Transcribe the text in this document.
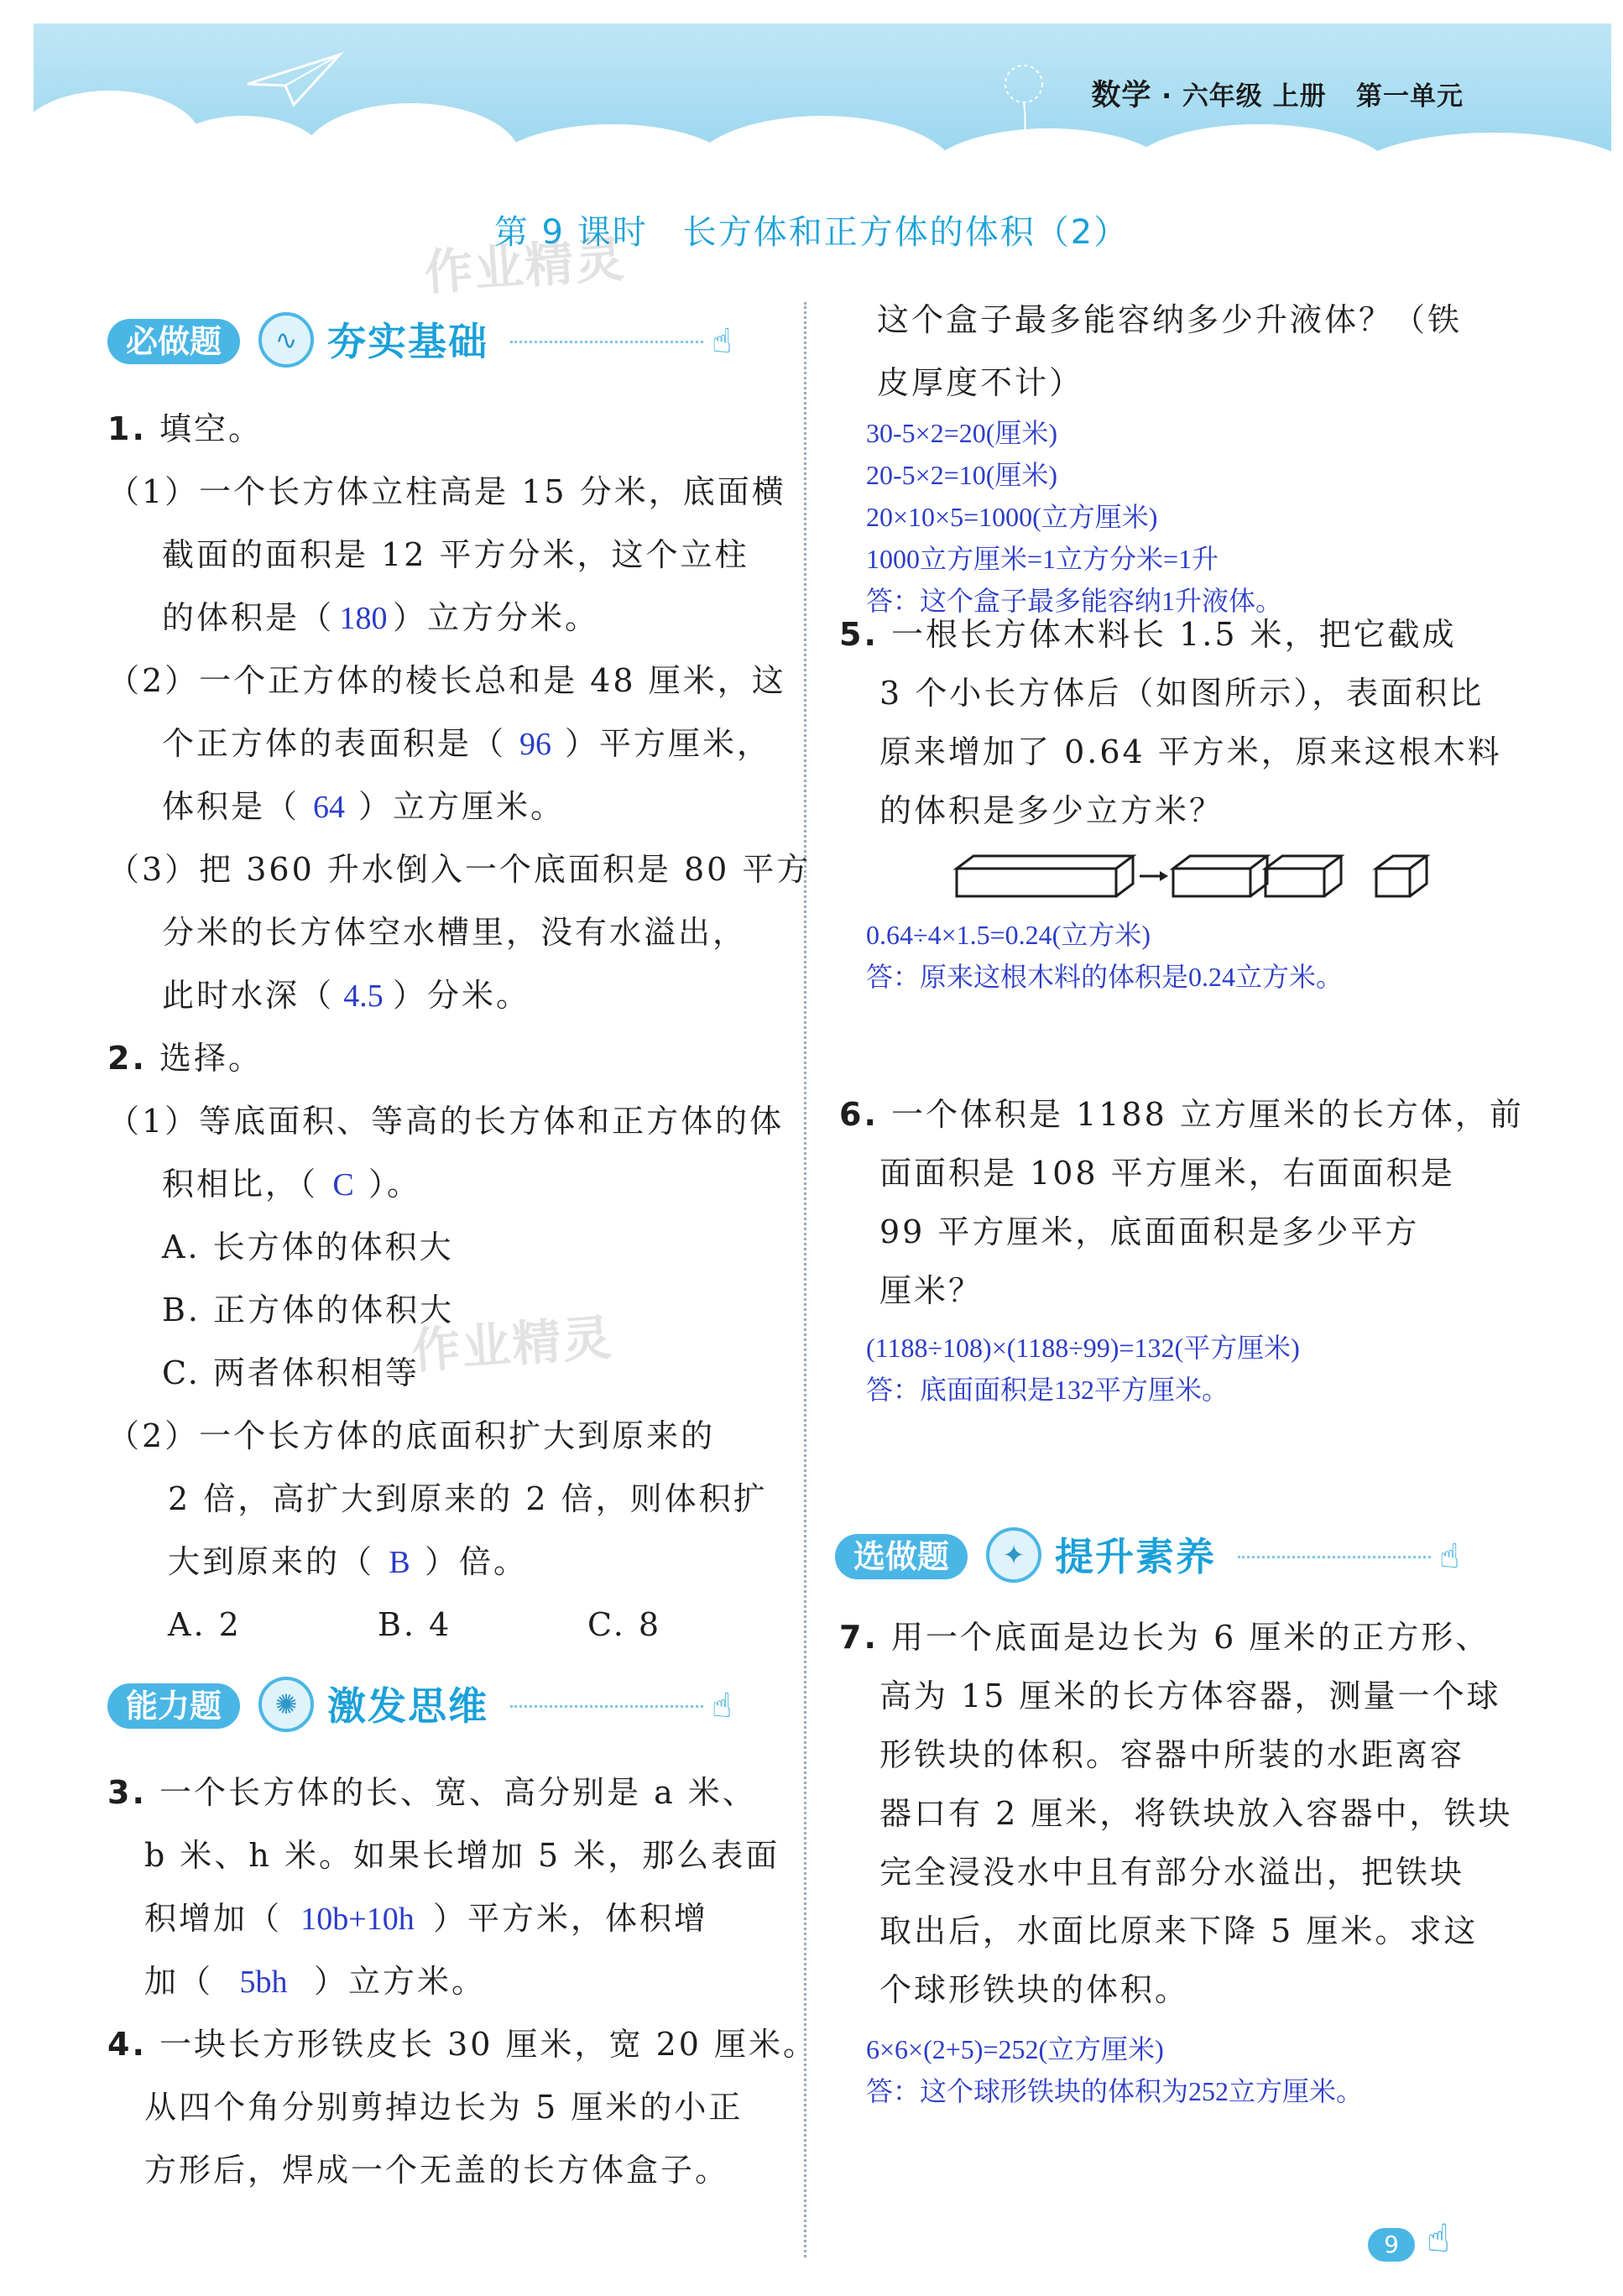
数学 · 六年级 上册 第一单元
第 9 课时　长方体和正方体的体积（2）
作业精灵
作业精灵
必做题	∿ 夯实基础	☝
1. 填空。
（1）一个长方体立柱高是 15 分米，底面横
截面的面积是 12 平方分米，这个立柱
的体积是（ 180 ）立方分米。
（2）一个正方体的棱长总和是 48 厘米，这
个正方体的表面积是（ 96 ）平方厘米，
体积是（ 64 ）立方厘米。
（3）把 360 升水倒入一个底面积是 80 平方
分米的长方体空水槽里，没有水溢出，
此时水深（ 4.5 ）分米。
2. 选择。
（1）等底面积、等高的长方体和正方体的体
积相比，（ C ）。
A. 长方体的体积大
B. 正方体的体积大
C. 两者体积相等
（2）一个长方体的底面积扩大到原来的
2 倍，高扩大到原来的 2 倍，则体积扩
大到原来的（ B ）倍。
A. 2	B. 4	C. 8
能力题	✺ 激发思维	☝
3. 一个长方体的长、宽、高分别是 a 米、
b 米、h 米。如果长增加 5 米，那么表面
积增加（ 10b+10h ）平方米，体积增
加（ 5bh ）立方米。
4. 一块长方形铁皮长 30 厘米，宽 20 厘米。
从四个角分别剪掉边长为 5 厘米的小正
方形后，焊成一个无盖的长方体盒子。
这个盒子最多能容纳多少升液体？（铁
皮厚度不计）
30-5×2=20(厘米)
20-5×2=10(厘米)
20×10×5=1000(立方厘米)
1000立方厘米=1立方分米=1升
答：这个盒子最多能容纳1升液体。
5. 一根长方体木料长 1.5 米，把它截成
3 个小长方体后（如图所示），表面积比
原来增加了 0.64 平方米，原来这根木料
的体积是多少立方米？
0.64÷4×1.5=0.24(立方米)
答：原来这根木料的体积是0.24立方米。
6. 一个体积是 1188 立方厘米的长方体，前
面面积是 108 平方厘米，右面面积是
99 平方厘米，底面面积是多少平方
厘米？
(1188÷108)×(1188÷99)=132(平方厘米)
答：底面面积是132平方厘米。
选做题	✦ 提升素养	☝
7. 用一个底面是边长为 6 厘米的正方形、
高为 15 厘米的长方体容器，测量一个球
形铁块的体积。容器中所装的水距离容
器口有 2 厘米，将铁块放入容器中，铁块
完全浸没水中且有部分水溢出，把铁块
取出后，水面比原来下降 5 厘米。求这
个球形铁块的体积。
6×6×(2+5)=252(立方厘米)
答：这个球形铁块的体积为252立方厘米。
9 ☝
